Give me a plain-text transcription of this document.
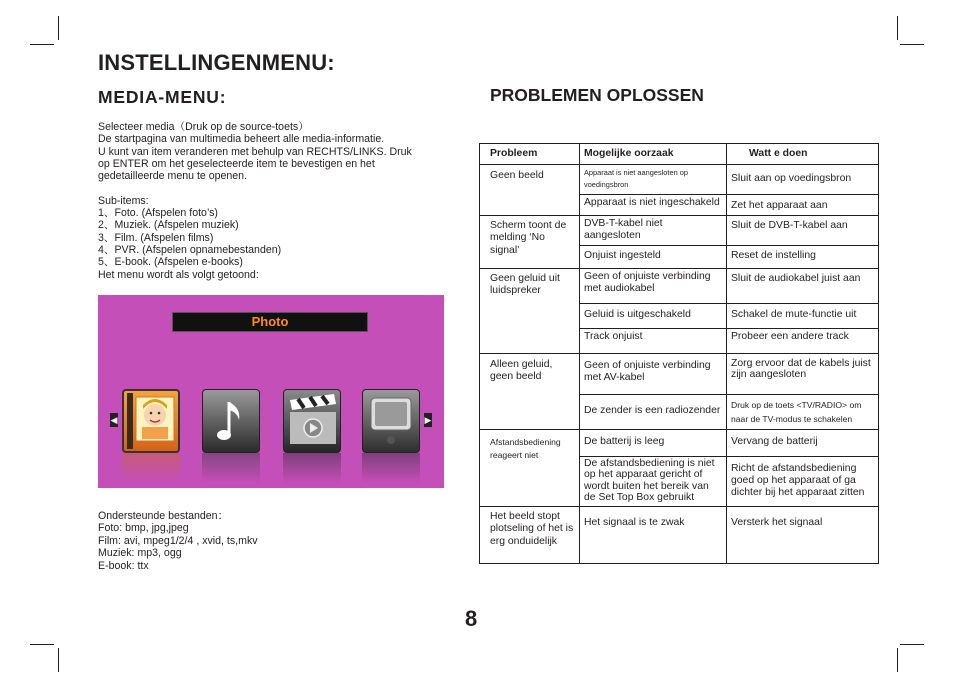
INSTELLINGENMENU:
MEDIA-MENU:	PROBLEMEN OPLOSSEN

Selecteer media（Druk op de source-toets）

De startpagina van multimedia beheert alle media-informatie.

U kunt van item veranderen met behulp van RECHTS/LINKS. Druk

op ENTER om het geselecteerde item te bevestigen en het

gedetailleerde menu te openen.

Sub-items:

1、Foto. (Afspelen foto’s)

2、Muziek. (Afspelen muziek)

3、Film. (Afspelen films)

4、PVR. (Afspelen opnamebestanden)

5、E-book. (Afspelen e-books)

Het menu wordt als volgt getoond:

Photo
◀	▶

Ondersteunde bestanden：

Foto: bmp, jpg,jpeg

Film: avi, mpeg1/2/4 , xvid, ts,mkv

Muziek: mp3, ogg

E-book: ttx

Probleem	Mogelijke oorzaak	Watt e doen
Geen beeld	Apparaat is niet aangesloten op voedingsbron	Sluit aan op voedingsbron
	Apparaat is niet ingeschakeld	Zet het apparaat aan
Scherm toont de melding ‘No signal’	DVB-T-kabel niet aangesloten	Sluit de DVB-T-kabel aan
	Onjuist ingesteld	Reset de instelling
Geen geluid uit luidspreker	Geen of onjuiste verbinding met audiokabel	Sluit de audiokabel juist aan
	Geluid is uitgeschakeld	Schakel de mute-functie uit
	Track onjuist	Probeer een andere track
Alleen geluid, geen beeld	Geen of onjuiste verbinding met AV-kabel	Zorg ervoor dat de kabels juist zijn aangesloten
	De zender is een radiozender	Druk op de toets <TV/RADIO> om naar de TV-modus te schakelen
Afstandsbediening reageert niet	De batterij is leeg	Vervang de batterij
	De afstandsbediening is niet op het apparaat gericht of wordt buiten het bereik van de Set Top Box gebruikt	Richt de afstandsbediening goed op het apparaat of ga dichter bij het apparaat zitten
Het beeld stopt plotseling of het is erg onduidelijk	Het signaal is te zwak	Versterk het signaal
8
